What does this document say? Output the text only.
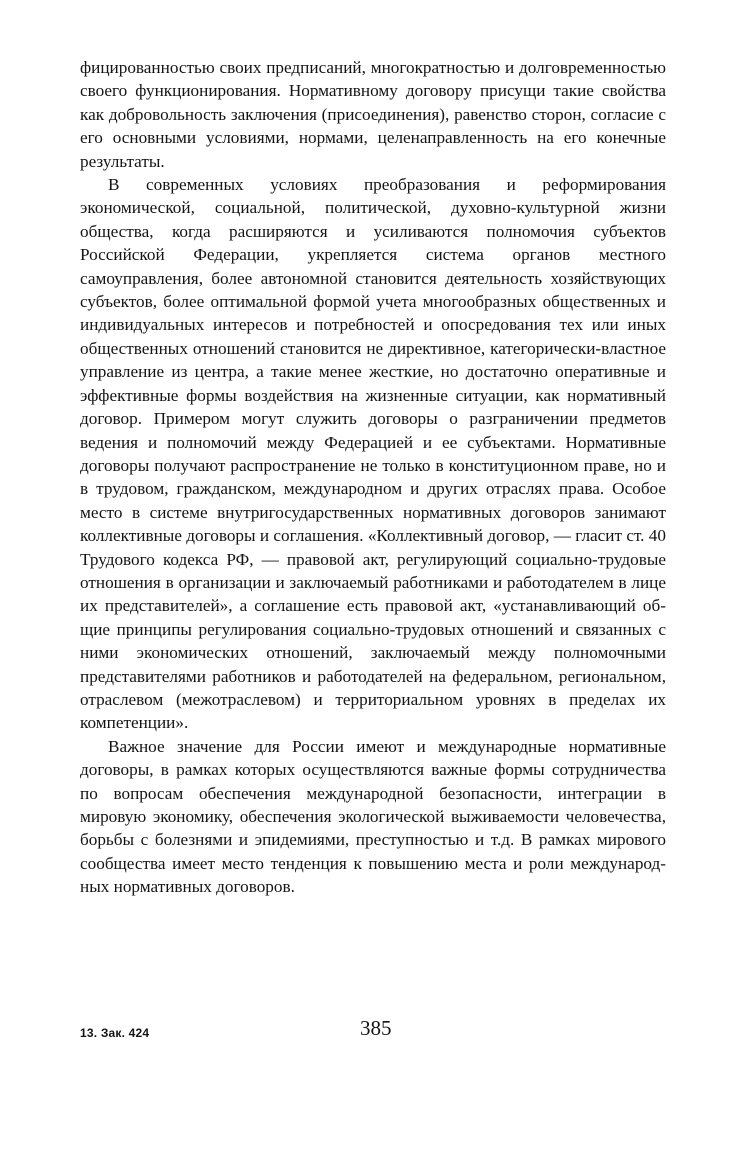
фицированностью своих предписаний, многократностью и долговременностью своего функционирования. Нормативному договору присущи такие свойства как добровольность заключения (присоединения), равенство сторон, согласие с его основными условиями, нормами, целенаправленность на его конечные результаты.

В современных условиях преобразования и реформирования экономической, социальной, политической, духовно-культурной жизни общества, когда расширяются и усиливаются полномочия субъектов Российской Федерации, укрепляется система органов местного самоуправления, более автономной становится деятельность хозяйствующих субъектов, более оптимальной формой учета многообразных общественных и индивидуальных интересов и потребностей и опосредования тех или иных общественных отношений становится не директивное, категорически-властное управление из центра, а такие менее жесткие, но достаточно оперативные и эффективные формы воздействия на жизненные ситуации, как нормативный договор. Примером могут служить договоры о разграничении предметов ведения и полномочий между Федерацией и ее субъектами. Нормативные договоры получают распространение не только в конституционном праве, но и в трудовом, гражданском, международном и других отраслях права. Особое место в системе внутригосударственных нормативных договоров занимают коллективные договоры и соглашения. «Коллективный договор, — гласит ст. 40 Трудового кодекса РФ, — правовой акт, регулирующий социально-трудовые отношения в организации и заключаемый работниками и работодателем в лице их представителей», а соглашение есть правовой акт, «устанавливающий общие принципы регулирования социально-трудовых отношений и связанных с ними экономических отношений, заключаемый между полномочными представителями работников и работодателей на федеральном, региональном, отраслевом (межотраслевом) и территориальном уровнях в пределах их компетенции».

Важное значение для России имеют и международные нормативные договоры, в рамках которых осуществляются важные формы сотрудничества по вопросам обеспечения международной безопасности, интеграции в мировую экономику, обеспечения экологической выживаемости человечества, борьбы с болезнями и эпидемиями, преступностью и т.д. В рамках мирового сообщества имеет место тенденция к повышению места и роли международных нормативных договоров.

13. Зак. 424	385
